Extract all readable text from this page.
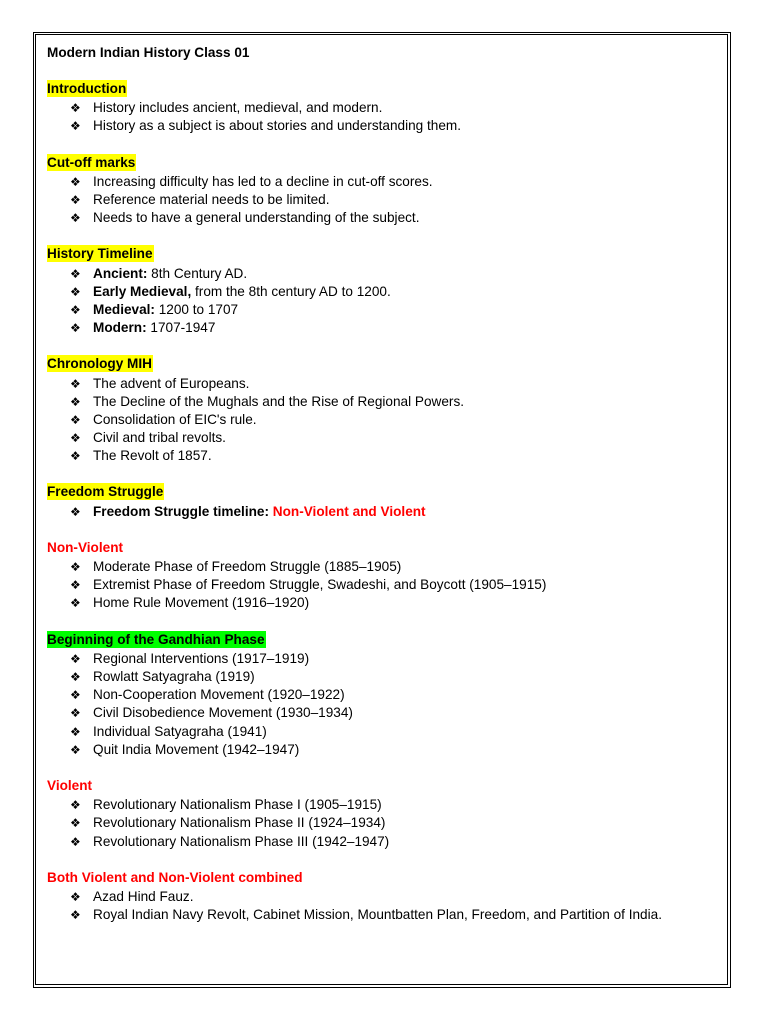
Modern Indian History Class 01

Introduction
❖ History includes ancient, medieval, and modern.
❖ History as a subject is about stories and understanding them.
Cut-off marks
❖ Increasing difficulty has led to a decline in cut-off scores.
❖ Reference material needs to be limited.
❖ Needs to have a general understanding of the subject.
History Timeline
❖ Ancient: 8th Century AD.
❖ Early Medieval, from the 8th century AD to 1200.
❖ Medieval: 1200 to 1707
❖ Modern: 1707-1947
Chronology MIH
❖ The advent of Europeans.
❖ The Decline of the Mughals and the Rise of Regional Powers.
❖ Consolidation of EIC's rule.
❖ Civil and tribal revolts.
❖ The Revolt of 1857.
Freedom Struggle
❖ Freedom Struggle timeline: Non-Violent and Violent
Non-Violent
❖ Moderate Phase of Freedom Struggle (1885–1905)
❖ Extremist Phase of Freedom Struggle, Swadeshi, and Boycott (1905–1915)
❖ Home Rule Movement (1916–1920)
Beginning of the Gandhian Phase
❖ Regional Interventions (1917–1919)
❖ Rowlatt Satyagraha (1919)
❖ Non-Cooperation Movement (1920–1922)
❖ Civil Disobedience Movement (1930–1934)
❖ Individual Satyagraha (1941)
❖ Quit India Movement (1942–1947)
Violent
❖ Revolutionary Nationalism Phase I (1905–1915)
❖ Revolutionary Nationalism Phase II (1924–1934)
❖ Revolutionary Nationalism Phase III (1942–1947)
Both Violent and Non-Violent combined
❖ Azad Hind Fauz.
❖ Royal Indian Navy Revolt, Cabinet Mission, Mountbatten Plan, Freedom, and Partition of India.
